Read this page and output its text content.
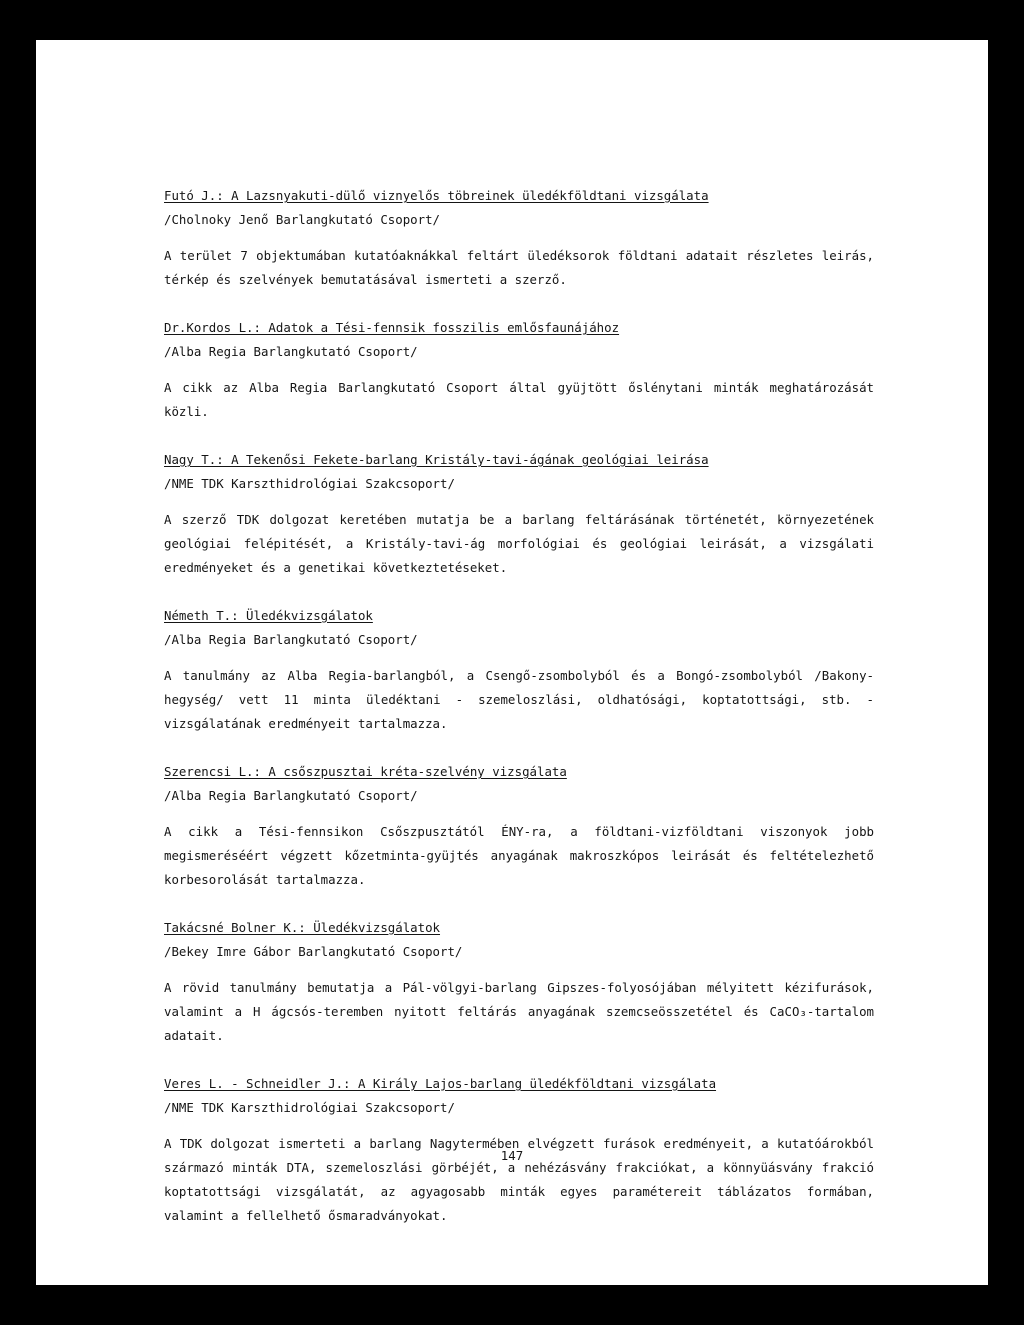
Futó J.: A Lazsnyakuti-dülő viznyelős töbreinek üledékföldtani vizsgálata
/Cholnoky Jenő Barlangkutató Csoport/
A terület 7 objektumában kutatóaknákkal feltárt üledéksorok földtani adatait részletes leirás, térkép és szelvények bemutatásával ismerteti a szerző.
Dr.Kordos L.: Adatok a Tési-fennsik fosszilis emlősfaunájához
/Alba Regia Barlangkutató Csoport/
A cikk az Alba Regia Barlangkutató Csoport által gyüjtött őslénytani minták meghatározását közli.
Nagy T.: A Tekenősi Fekete-barlang Kristály-tavi-ágának geológiai leirása
/NME TDK Karszthidrológiai Szakcsoport/
A szerző TDK dolgozat keretében mutatja be a barlang feltárásának történetét, környezetének geológiai felépitését, a Kristály-tavi-ág morfológiai és geológiai leirását, a vizsgálati eredményeket és a genetikai következtetéseket.
Németh T.: Üledékvizsgálatok
/Alba Regia Barlangkutató Csoport/
A tanulmány az Alba Regia-barlangból, a Csengő-zsombolyból és a Bongó-zsombolyból /Bakony-hegység/ vett 11 minta üledéktani - szemeloszlási, oldhatósági, koptatottsági, stb. - vizsgálatának eredményeit tartalmazza.
Szerencsi L.: A csőszpusztai kréta-szelvény vizsgálata
/Alba Regia Barlangkutató Csoport/
A cikk a Tési-fennsikon Csőszpusztától ÉNY-ra, a földtani-vizföldtani viszonyok jobb megismeréséért végzett kőzetminta-gyüjtés anyagának makroszkópos leirását és feltételezhető korbesorolását tartalmazza.
Takácsné Bolner K.: Üledékvizsgálatok
/Bekey Imre Gábor Barlangkutató Csoport/
A rövid tanulmány bemutatja a Pál-völgyi-barlang Gipszes-folyosójában mélyitett kézifurások, valamint a H ágcsós-teremben nyitott feltárás anyagának szemcseösszetétel és CaCO₃-tartalom adatait.
Veres L. - Schneidler J.: A Király Lajos-barlang üledékföldtani vizsgálata
/NME TDK Karszthidrológiai Szakcsoport/
A TDK dolgozat ismerteti a barlang Nagytermében elvégzett furások eredményeit, a kutatóárokból származó minták DTA, szemeloszlási görbéjét, a nehézásvány frakciókat, a könnyüásvány frakció koptatottsági vizsgálatát, az agyagosabb minták egyes paramétereit táblázatos formában, valamint a fellelhető ősmaradványokat.
147
